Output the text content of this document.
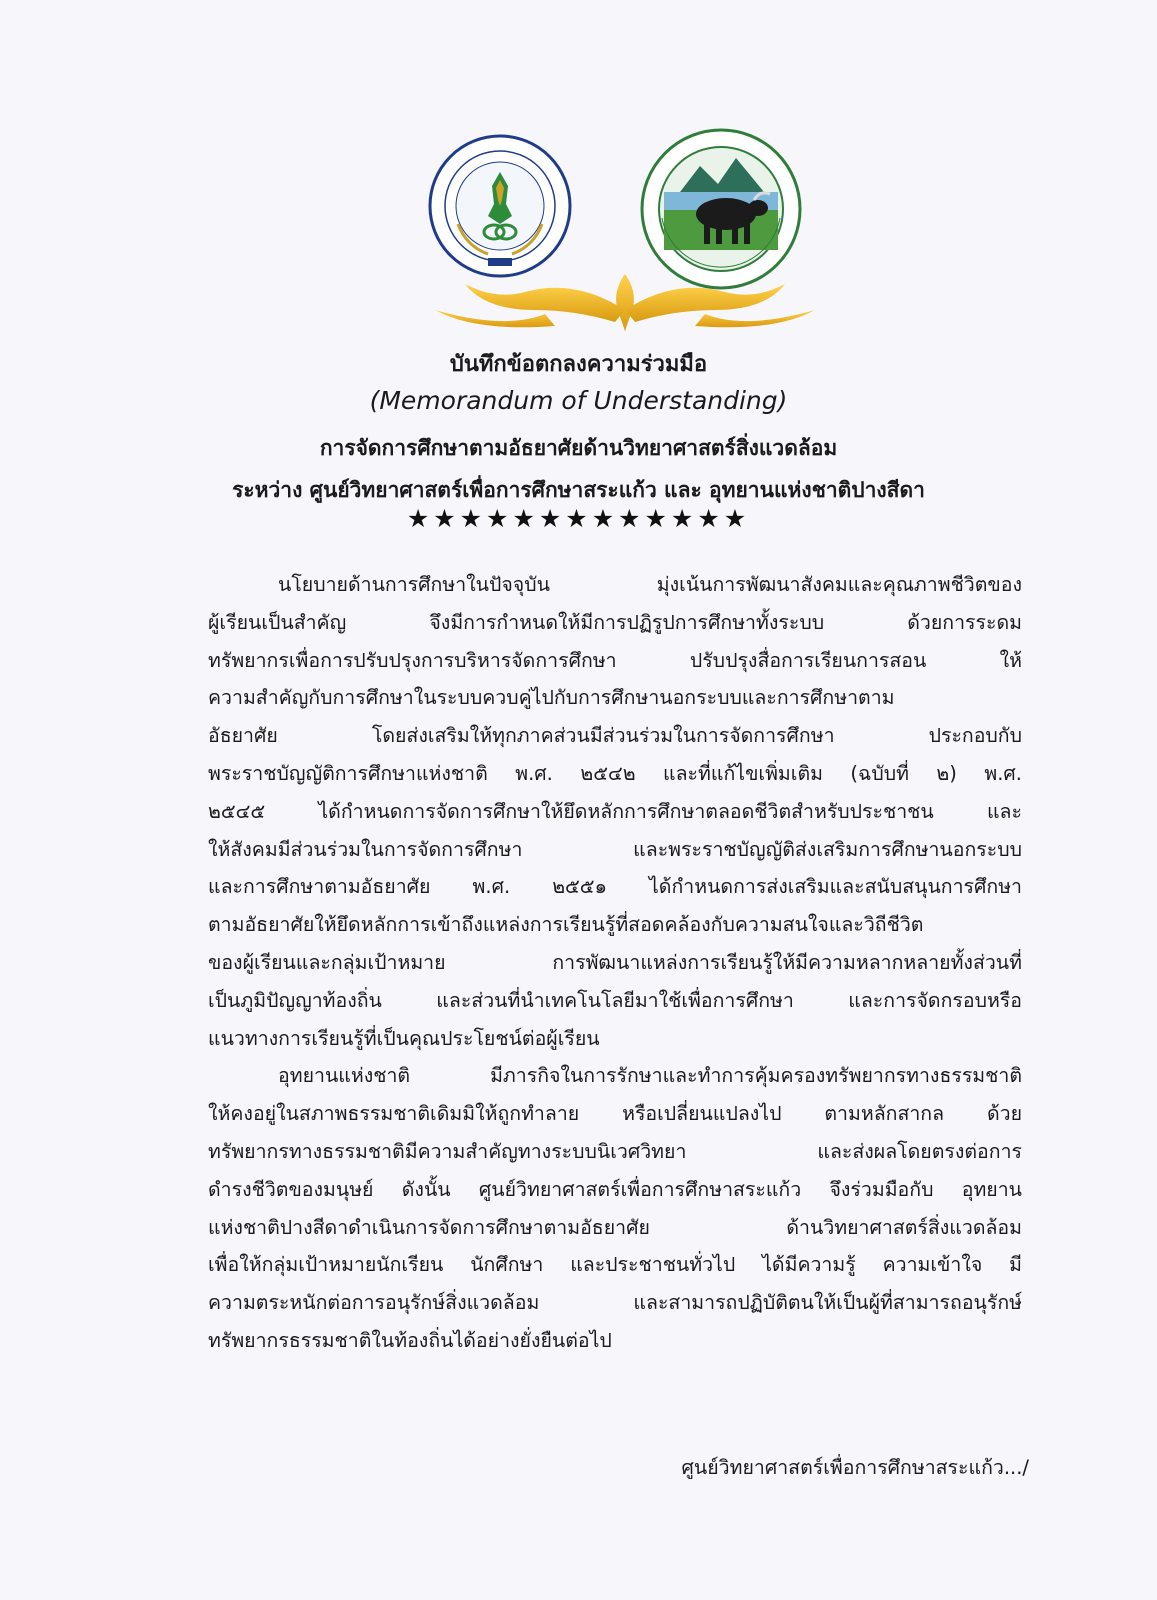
บันทึกข้อตกลงความร่วมมือ
(Memorandum of Understanding)
การจัดการศึกษาตามอัธยาศัยด้านวิทยาศาสตร์สิ่งแวดล้อม
ระหว่าง ศูนย์วิทยาศาสตร์เพื่อการศึกษาสระแก้ว และ อุทยานแห่งชาติปางสีดา
★★★★★★★★★★★★★
นโยบายด้านการศึกษาในปัจจุบัน มุ่งเน้นการพัฒนาสังคมและคุณภาพชีวิตของ
ผู้เรียนเป็นสำคัญ จึงมีการกำหนดให้มีการปฏิรูปการศึกษาทั้งระบบ ด้วยการระดม
ทรัพยากรเพื่อการปรับปรุงการบริหารจัดการศึกษา ปรับปรุงสื่อการเรียนการสอน ให้
ความสำคัญกับการศึกษาในระบบควบคู่ไปกับการศึกษานอกระบบและการศึกษาตาม
อัธยาศัย โดยส่งเสริมให้ทุกภาคส่วนมีส่วนร่วมในการจัดการศึกษา ประกอบกับ
พระราชบัญญัติการศึกษาแห่งชาติ พ.ศ. ๒๕๔๒ และที่แก้ไขเพิ่มเติม (ฉบับที่ ๒) พ.ศ.
๒๕๔๕ ได้กำหนดการจัดการศึกษาให้ยึดหลักการศึกษาตลอดชีวิตสำหรับประชาชน และ
ให้สังคมมีส่วนร่วมในการจัดการศึกษา และพระราชบัญญัติส่งเสริมการศึกษานอกระบบ
และการศึกษาตามอัธยาศัย พ.ศ. ๒๕๕๑ ได้กำหนดการส่งเสริมและสนับสนุนการศึกษา
ตามอัธยาศัยให้ยึดหลักการเข้าถึงแหล่งการเรียนรู้ที่สอดคล้องกับความสนใจและวิถีชีวิต
ของผู้เรียนและกลุ่มเป้าหมาย การพัฒนาแหล่งการเรียนรู้ให้มีความหลากหลายทั้งส่วนที่
เป็นภูมิปัญญาท้องถิ่น และส่วนที่นำเทคโนโลยีมาใช้เพื่อการศึกษา และการจัดกรอบหรือ
แนวทางการเรียนรู้ที่เป็นคุณประโยชน์ต่อผู้เรียน
อุทยานแห่งชาติ มีภารกิจในการรักษาและทำการคุ้มครองทรัพยากรทางธรรมชาติ
ให้คงอยู่ในสภาพธรรมชาติเดิมมิให้ถูกทำลาย หรือเปลี่ยนแปลงไป ตามหลักสากล ด้วย
ทรัพยากรทางธรรมชาติมีความสำคัญทางระบบนิเวศวิทยา และส่งผลโดยตรงต่อการ
ดำรงชีวิตของมนุษย์ ดังนั้น ศูนย์วิทยาศาสตร์เพื่อการศึกษาสระแก้ว จึงร่วมมือกับ อุทยาน
แห่งชาติปางสีดาดำเนินการจัดการศึกษาตามอัธยาศัย ด้านวิทยาศาสตร์สิ่งแวดล้อม
เพื่อให้กลุ่มเป้าหมายนักเรียน นักศึกษา และประชาชนทั่วไป ได้มีความรู้ ความเข้าใจ มี
ความตระหนักต่อการอนุรักษ์สิ่งแวดล้อม และสามารถปฏิบัติตนให้เป็นผู้ที่สามารถอนุรักษ์
ทรัพยากรธรรมชาติในท้องถิ่นได้อย่างยั่งยืนต่อไป
ศูนย์วิทยาศาสตร์เพื่อการศึกษาสระแก้ว.../
